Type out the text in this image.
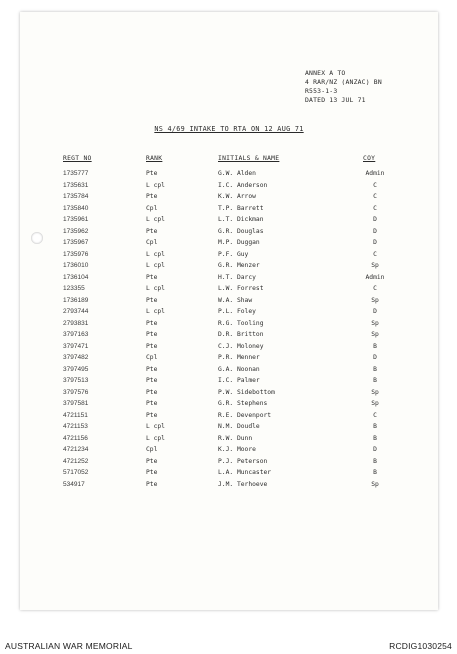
ANNEX A TO
4 RAR/NZ (ANZAC) BN
R553-1-3
DATED 13 JUL 71
NS 4/69 INTAKE TO RTA ON 12 AUG 71
REGT NO	RANK	INITIALS & NAME	COY
1735777	Pte	G.W. Alden	Admin
1735631	L cpl	I.C. Anderson	C
1735784	Pte	K.W. Arrow	C
1735840	Cpl	T.P. Barrett	C
1735961	L cpl	L.T. Dickman	D
1735962	Pte	G.R. Douglas	D
1735967	Cpl	M.P. Duggan	D
1735976	L cpl	P.F. Guy	C
1736010	L cpl	G.R. Menzer	Sp
1736104	Pte	H.T. Darcy	Admin
123355	L cpl	L.W. Forrest	C
1736189	Pte	W.A. Shaw	Sp
2793744	L cpl	P.L. Foley	D
2793831	Pte	R.G. Tooling	Sp
3797163	Pte	D.R. Britton	Sp
3797471	Pte	C.J. Moloney	B
3797482	Cpl	P.R. Menner	D
3797495	Pte	G.A. Noonan	B
3797513	Pte	I.C. Palmer	B
3797576	Pte	P.W. Sidebottom	Sp
3797581	Pte	G.R. Stephens	Sp
4721151	Pte	R.E. Devenport	C
4721153	L cpl	N.M. Doudle	B
4721156	L cpl	R.W. Dunn	B
4721234	Cpl	K.J. Moore	D
4721252	Pte	P.J. Peterson	B
5717052	Pte	L.A. Muncaster	B
534917	Pte	J.M. Terhoeve	Sp
AUSTRALIAN WAR MEMORIAL	RCDIG1030254
